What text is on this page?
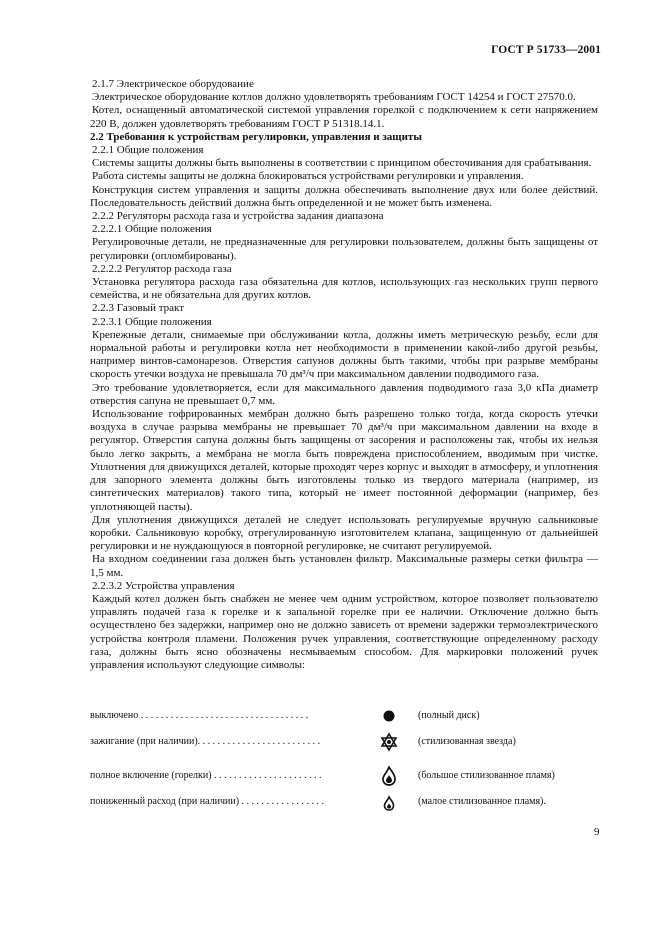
ГОСТ Р 51733—2001

2.1.7 Электрическое оборудование

Электрическое оборудование котлов должно удовлетворять требованиям ГОСТ 14254 и ГОСТ 27570.0.

Котел, оснащенный автоматической системой управления горелкой с подключением к сети напряжением 220 В, должен удовлетворять требованиям ГОСТ Р 51318.14.1.

2.2 Требования к устройствам регулировки, управления и защиты

2.2.1 Общие положения

Системы защиты должны быть выполнены в соответствии с принципом обесточивания для срабатывания.

Работа системы защиты не должна блокироваться устройствами регулировки и управления.

Конструкция систем управления и защиты должна обеспечивать выполнение двух или более действий. Последовательность действий должна быть определенной и не может быть изменена.

2.2.2 Регуляторы расхода газа и устройства задания диапазона

2.2.2.1 Общие положения

Регулировочные детали, не предназначенные для регулировки пользователем, должны быть защищены от регулировки (опломбированы).

2.2.2.2 Регулятор расхода газа

Установка регулятора расхода газа обязательна для котлов, использующих газ нескольких групп первого семейства, и не обязательна для других котлов.

2.2.3 Газовый тракт

2.2.3.1 Общие положения

Крепежные детали, снимаемые при обслуживании котла, должны иметь метрическую резьбу, если для нормальной работы и регулировки котла нет необходимости в применении какой-либо другой резьбы, например винтов-самонарезов. Отверстия сапунов должны быть такими, чтобы при разрыве мембраны скорость утечки воздуха не превышала 70 дм³/ч при максимальном давлении подводимого газа.

Это требование удовлетворяется, если для максимального давления подводимого газа 3,0 кПа диаметр отверстия сапуна не превышает 0,7 мм.

Использование гофрированных мембран должно быть разрешено только тогда, когда скорость утечки воздуха в случае разрыва мембраны не превышает 70 дм³/ч при максимальном давлении на входе в регулятор. Отверстия сапуна должны быть защищены от засорения и расположены так, чтобы их нельзя было легко закрыть, а мембрана не могла быть повреждена приспособлением, вводимым при чистке. Уплотнения для движущихся деталей, которые проходят через корпус и выходят в атмосферу, и уплотнения для запорного элемента должны быть изготовлены только из твердого материала (например, из синтетических материалов) такого типа, который не имеет постоянной деформации (например, без уплотняющей пасты).

Для уплотнения движущихся деталей не следует использовать регулируемые вручную сальниковые коробки. Сальниковую коробку, отрегулированную изготовителем клапана, защищенную от дальнейшей регулировки и не нуждающуюся в повторной регулировке, не считают регулируемой.

На входном соединении газа должен быть установлен фильтр. Максимальные размеры сетки фильтра — 1,5 мм.

2.2.3.2 Устройства управления

Каждый котел должен быть снабжен не менее чем одним устройством, которое позволяет пользователю управлять подачей газа к горелке и к запальной горелке при ее наличии. Отключение должно быть осуществлено без задержки, например оно не должно зависеть от времени задержки термоэлектрического устройства контроля пламени. Положения ручек управления, соответствующие определенному расходу газа, должны быть ясно обозначены несмываемым способом. Для маркировки положений ручек управления используют следующие символы:

выключено . . . . . . . . . . . . . . . . . . . . . . . . . . . . . . . . . .	(полный диск)
зажигание (при наличии). . . . . . . . . . . . . . . . . . . . . . . . .	(стилизованная звезда)
полное включение (горелки) . . . . . . . . . . . . . . . . . . . . . .	(большое стилизованное пламя)
пониженный расход (при наличии) . . . . . . . . . . . . . . . . .	(малое стилизованное пламя).
9
